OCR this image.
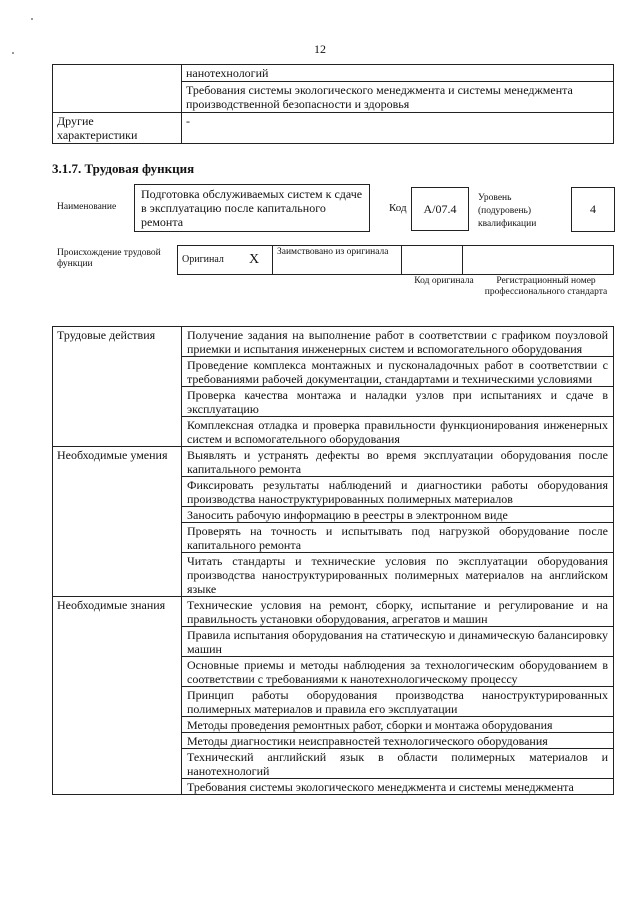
12
	нанотехнологий
	Требования системы экологического менеджмента и системы менеджмента производственной безопасности и здоровья
Другие характеристики	-
3.1.7. Трудовая функция
Наименование
Подготовка обслуживаемых систем к сдаче в эксплуатацию после капитального ремонта
Код	A/07.4
Уровень (подуровень) квалификации
4
Происхождение трудовой функции	Оригинал	X	Заимствовано из оригинала		
Код оригинала	Регистрационный номер профессионального стандарта
Трудовые действия	Получение задания на выполнение работ в соответствии с графиком поузловой приемки и испытания инженерных систем и вспомогательного оборудования
	Проведение комплекса монтажных и пусконаладочных работ в соответствии с требованиями рабочей документации, стандартами и техническими условиями
	Проверка качества монтажа и наладки узлов при испытаниях и сдаче в эксплуатацию
	Комплексная отладка и проверка правильности функционирования инженерных систем и вспомогательного оборудования
Необходимые умения	Выявлять и устранять дефекты во время эксплуатации оборудования после капитального ремонта
	Фиксировать результаты наблюдений и диагностики работы оборудования производства наноструктурированных полимерных материалов
	Заносить рабочую информацию в реестры в электронном виде
	Проверять на точность и испытывать под нагрузкой оборудование после капитального ремонта
	Читать стандарты и технические условия по эксплуатации оборудования производства наноструктурированных полимерных материалов на английском языке
Необходимые знания	Технические условия на ремонт, сборку, испытание и регулирование и на правильность установки оборудования, агрегатов и машин
	Правила испытания оборудования на статическую и динамическую балансировку машин
	Основные приемы и методы наблюдения за технологическим оборудованием в соответствии с требованиями к нанотехнологическому процессу
	Принцип работы оборудования производства наноструктурированных полимерных материалов и правила его эксплуатации
	Методы проведения ремонтных работ, сборки и монтажа оборудования
	Методы диагностики неисправностей технологического оборудования
	Технический английский язык в области полимерных материалов и нанотехнологий
	Требования системы экологического менеджмента и системы менеджмента
